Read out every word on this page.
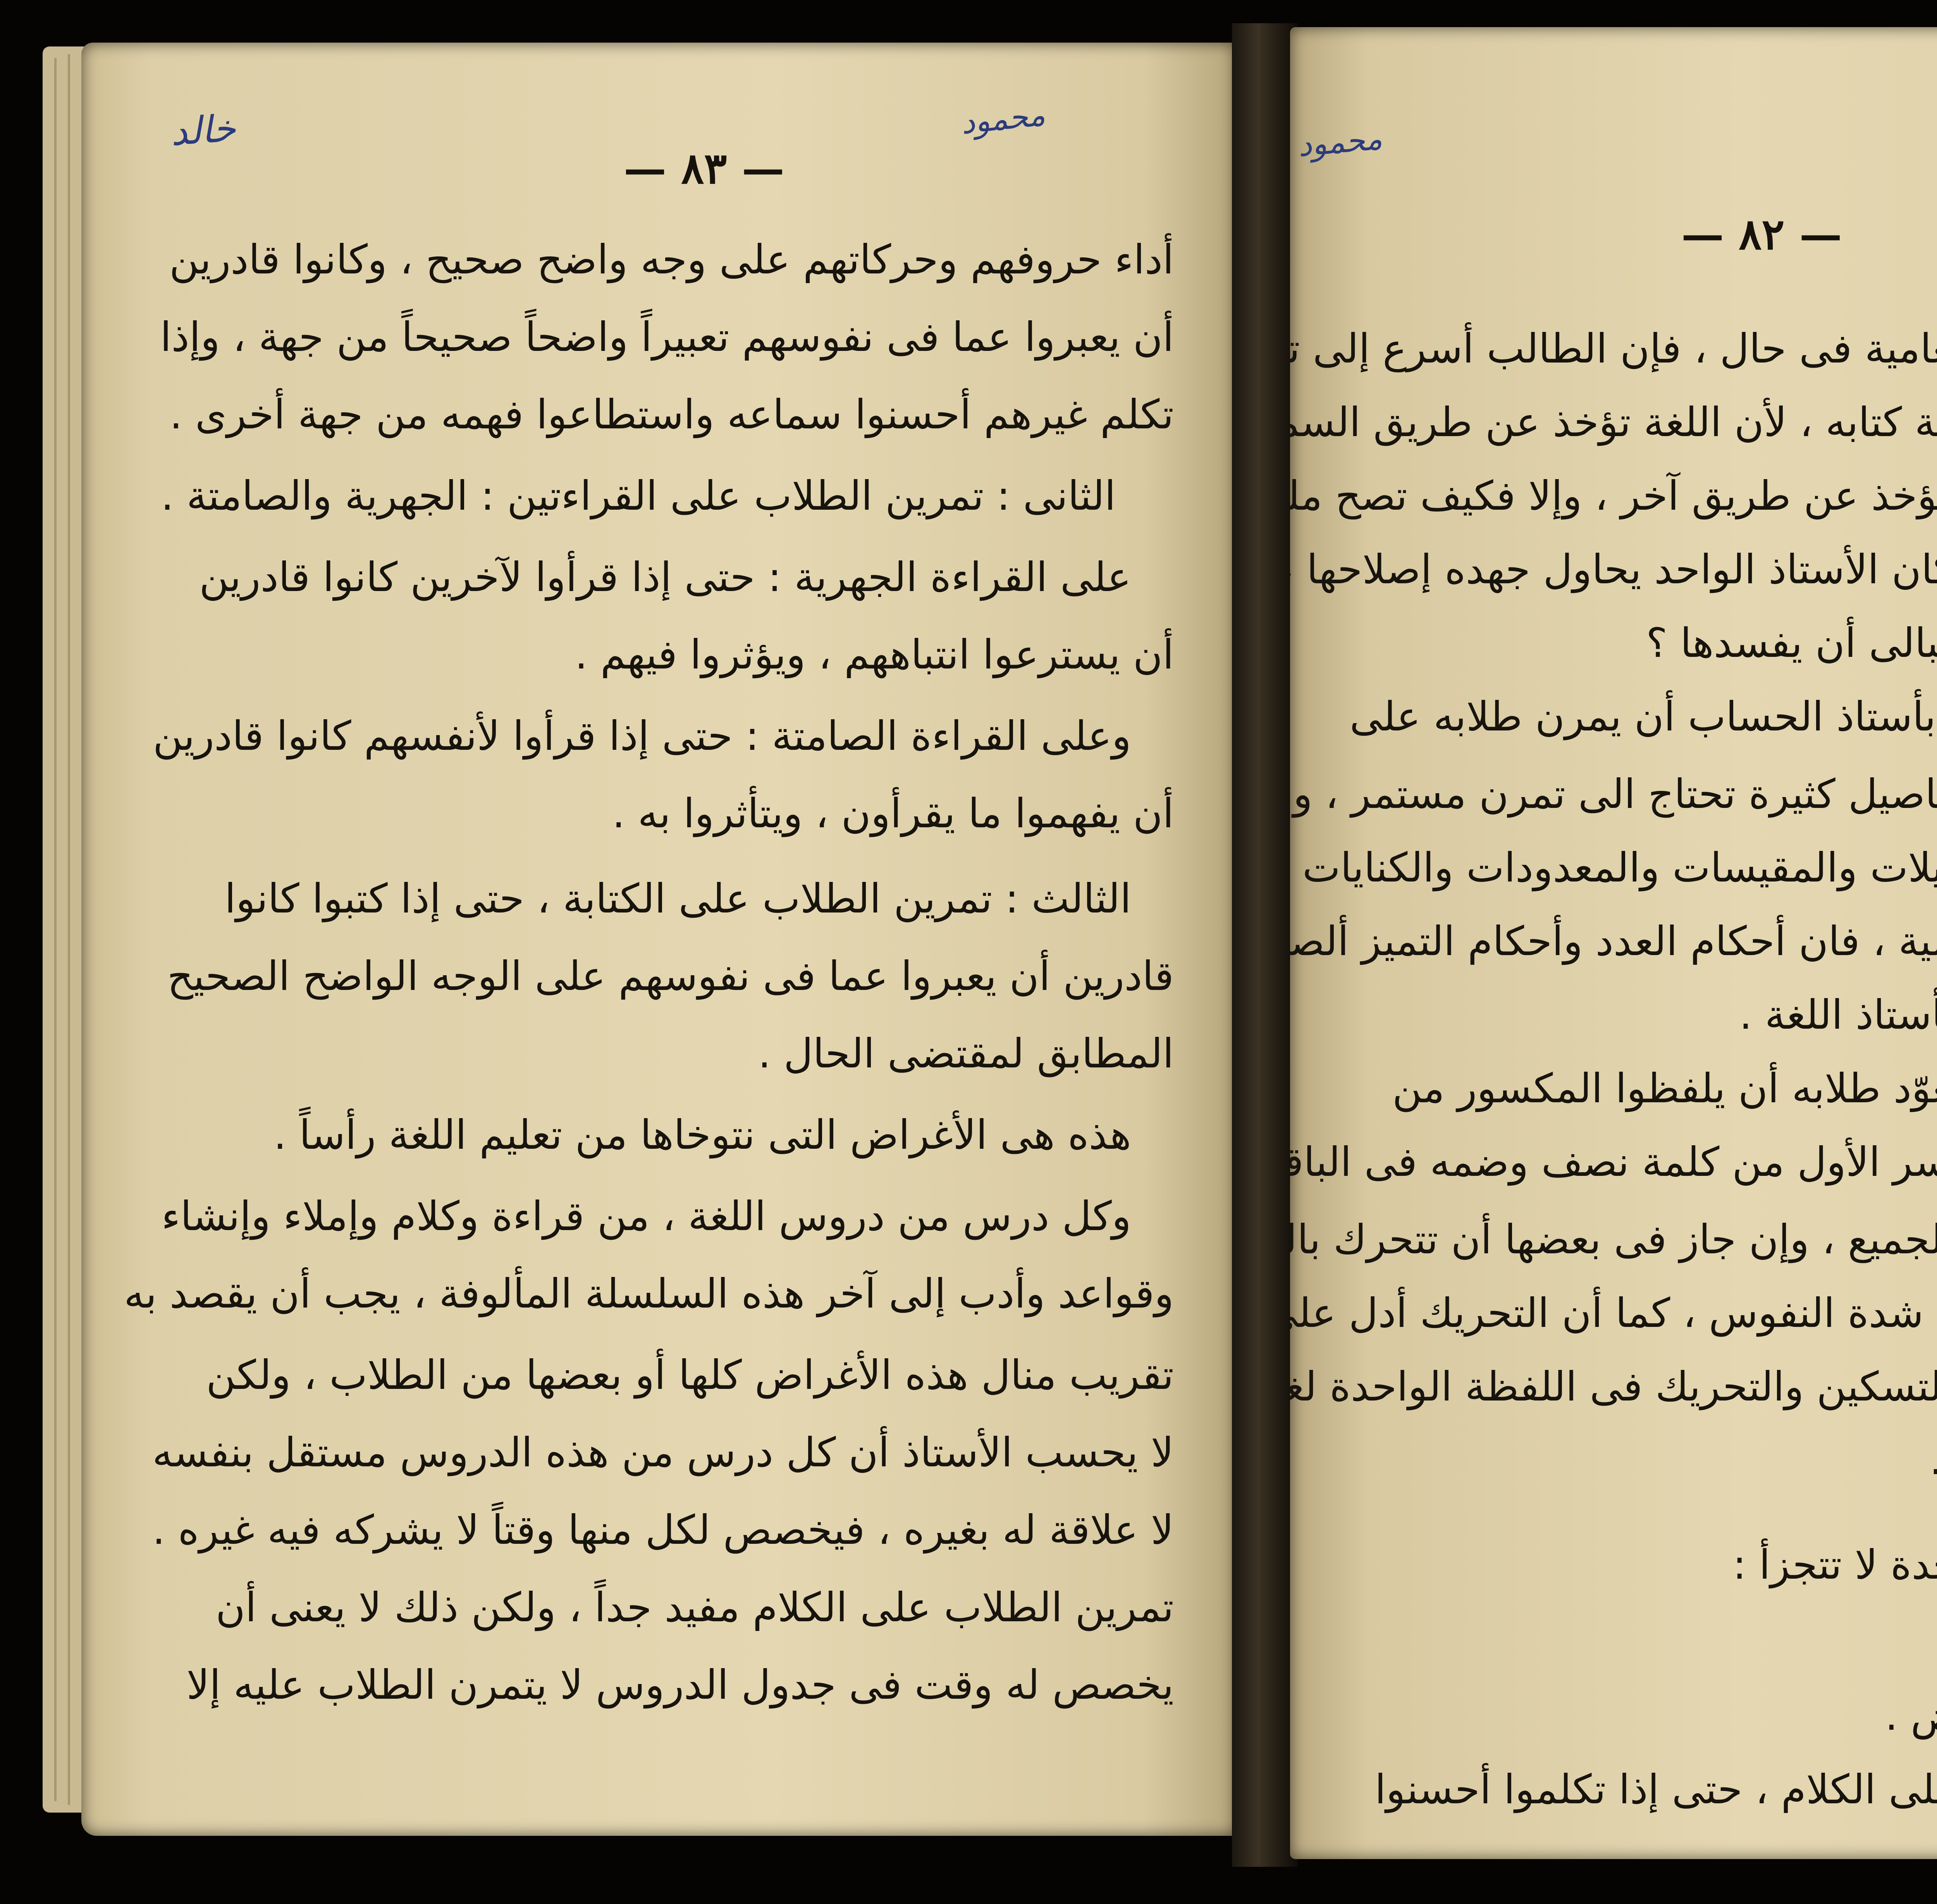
خالد	محمود
— ٨٣ —
أداء حروفهم وحركاتهم على وجه واضح صحيح ، وكانوا قادرين
أن يعبروا عما فى نفوسهم تعبيراً واضحاً صحيحاً من جهة ، وإذا
تكلم غيرهم أحسنوا سماعه واستطاعوا فهمه من جهة أخرى .
الثانى : تمرين الطلاب على القراءتين : الجهرية والصامتة .
على القراءة الجهرية : حتى إذا قرأوا لآخرين كانوا قادرين
أن يسترعوا انتباههم ، ويؤثروا فيهم .
وعلى القراءة الصامتة : حتى إذا قرأوا لأنفسهم كانوا قادرين
أن يفهموا ما يقرأون ، ويتأثروا به .
الثالث : تمرين الطلاب على الكتابة ، حتى إذا كتبوا كانوا
قادرين أن يعبروا عما فى نفوسهم على الوجه الواضح الصحيح
المطابق لمقتضى الحال .
هذه هى الأغراض التى نتوخاها من تعليم اللغة رأساً .
وكل درس من دروس اللغة ، من قراءة وكلام وإملاء وإنشاء
وقواعد وأدب إلى آخر هذه السلسلة المألوفة ، يجب أن يقصد به
تقريب منال هذه الأغراض كلها أو بعضها من الطلاب ، ولكن
لا يحسب الأستاذ أن كل درس من هذه الدروس مستقل بنفسه
لا علاقة له بغيره ، فيخصص لكل منها وقتاً لا يشركه فيه غيره .
تمرين الطلاب على الكلام مفيد جداً ، ولكن ذلك لا يعنى أن
يخصص له وقت فى جدول الدروس لا يتمرن الطلاب عليه إلا
محمود
— ٨٢ —
امية فى حال ، فإن الطالب أسرع إلى
ة كتابه ، لأن اللغة تؤخذ عن طريق الس
ؤخذ عن طريق آخر ، وإلا فكيف تصح مل
ان الأستاذ الواحد يحاول جهده إصلاحها
الى أن يفسدها ؟
بأستاذ الحساب أن يمرن طلابه على
اصيل كثيرة تحتاج الى تمرن مستمر ، و
يلات والمقيسات والمعدودات والكنايات
ية ، فان أحكام العدد وأحكام التميز ألص
ستاذ اللغة .
وّد طلابه أن يلفظوا المكسور من
ر الأول من كلمة نصف وضمه فى البا
جميع ، وإن جاز فى بعضها أن تتحرك با
شدة النفوس ، كما أن التحريك أدل عل
تسكين والتحريك فى اللفظة الواحدة لغ
دة لا تتجزأ :
ض .
لى الكلام ، حتى إذا تكلموا أحسنوا
